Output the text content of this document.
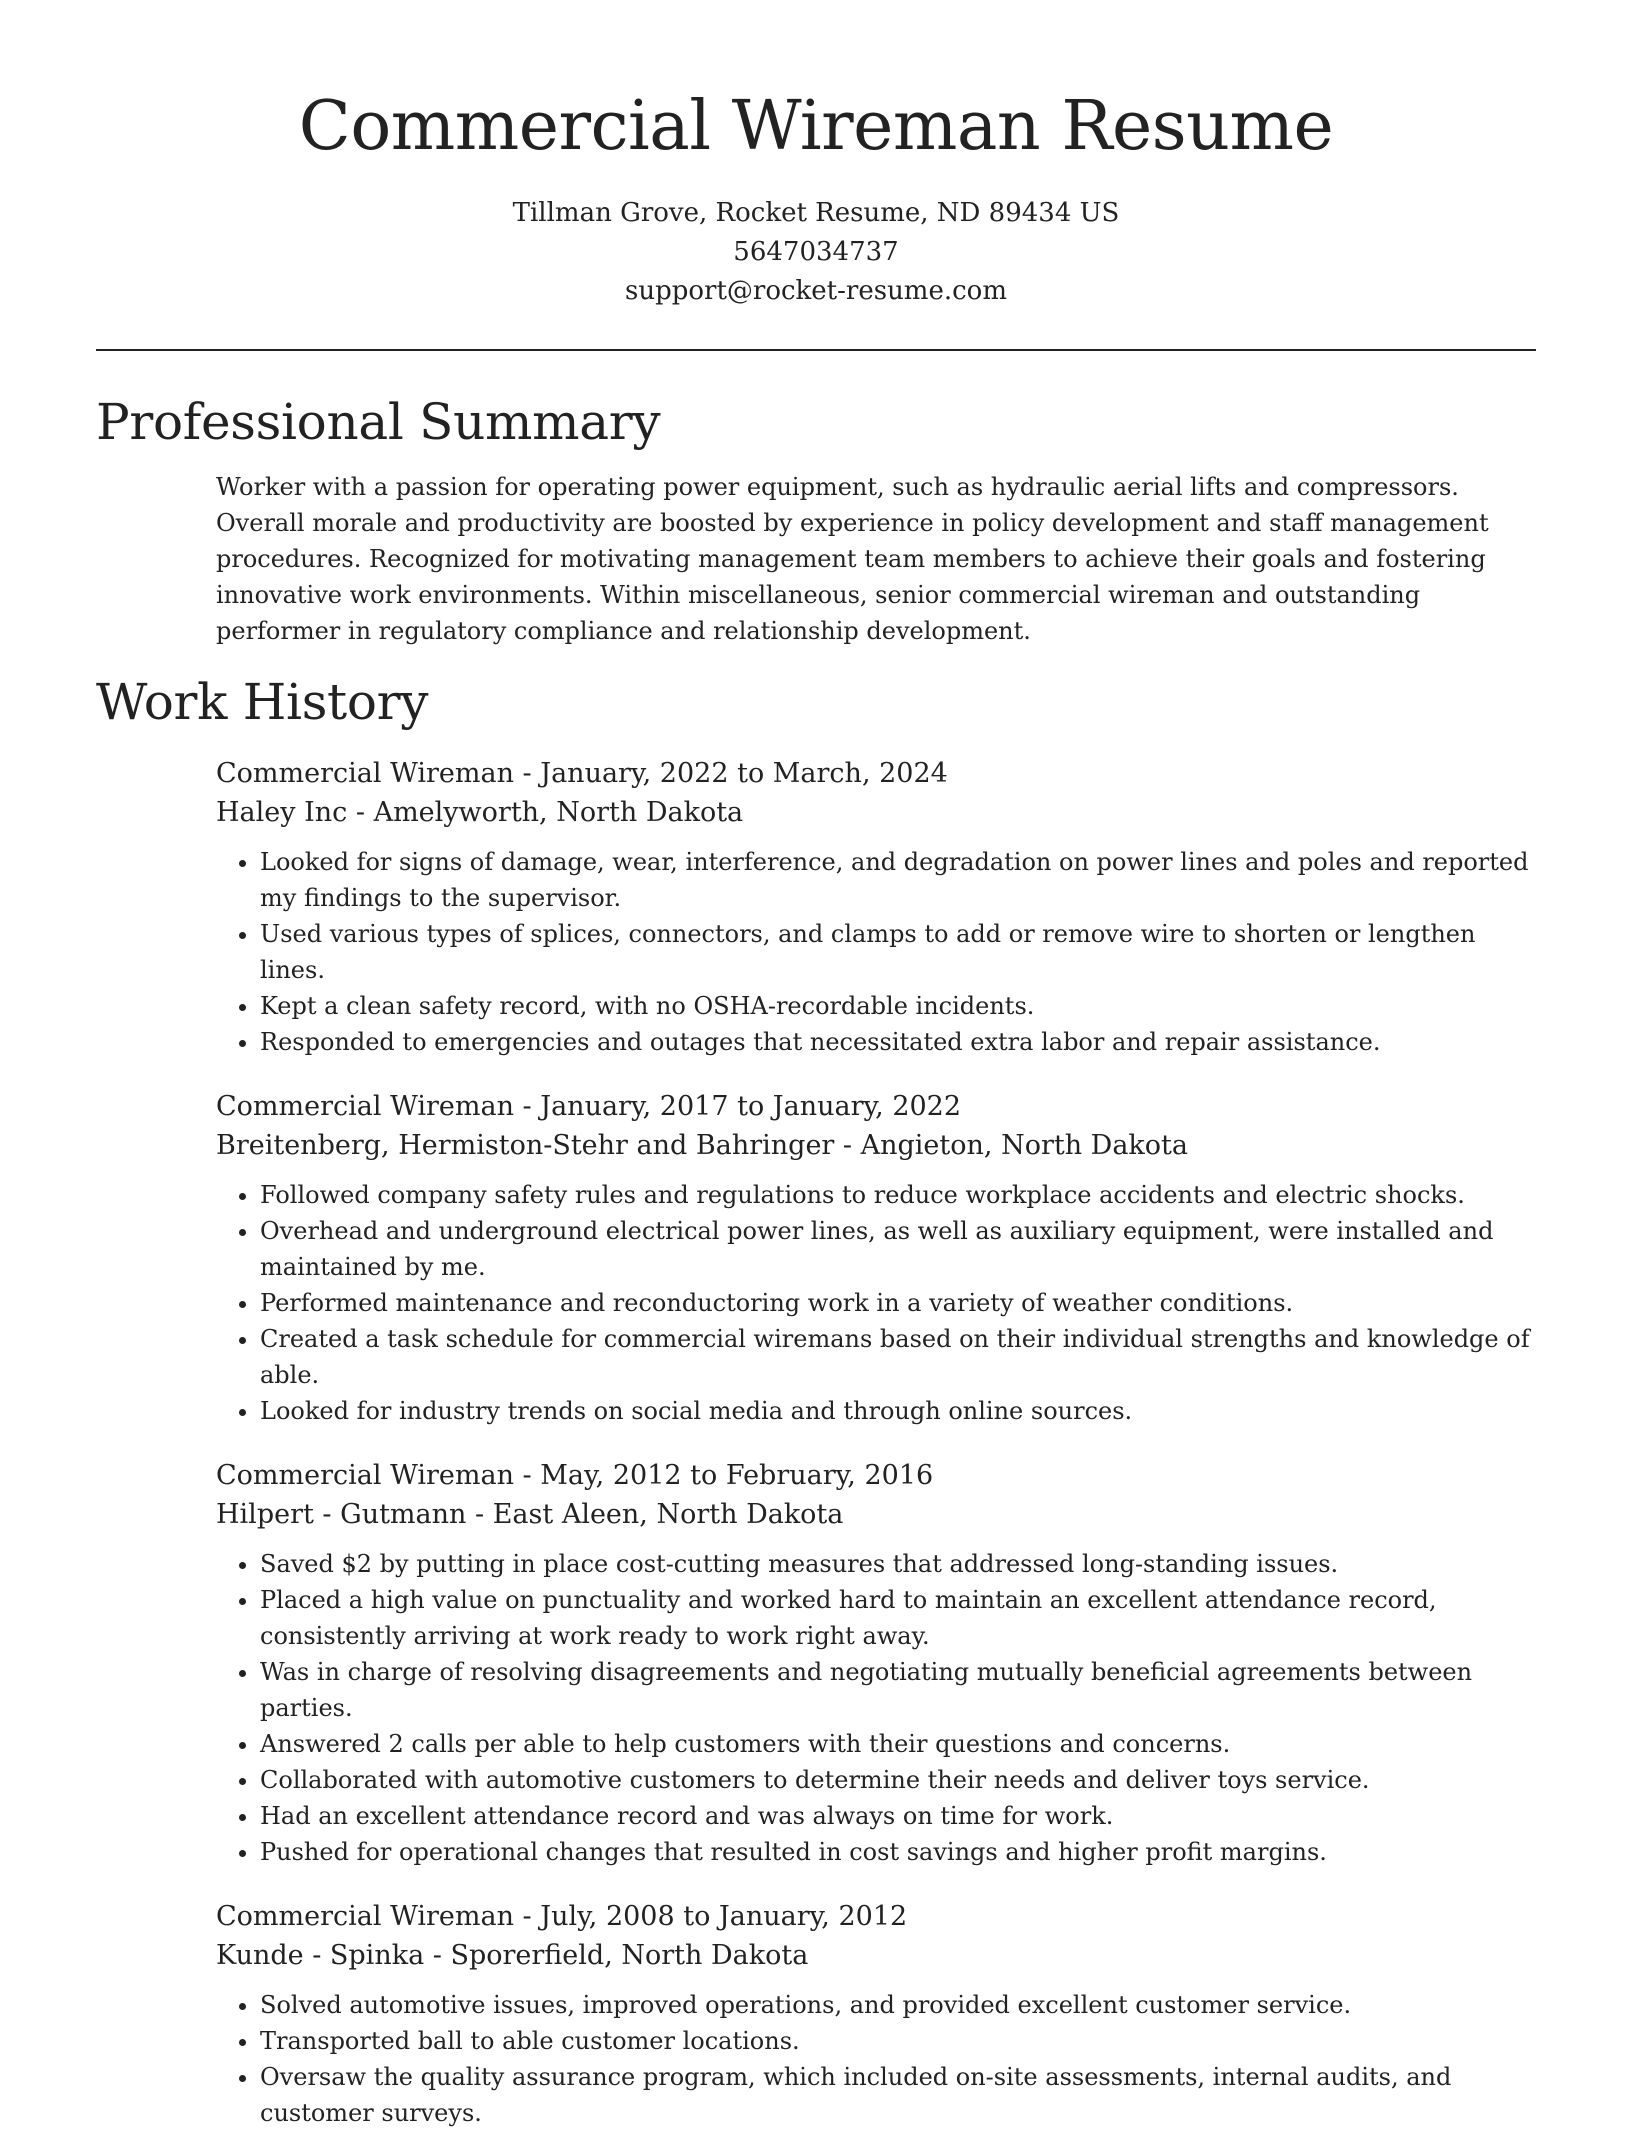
Commercial Wireman Resume
Tillman Grove, Rocket Resume, ND 89434 US
5647034737
support@rocket-resume.com
Professional Summary

Worker with a passion for operating power equipment, such as hydraulic aerial lifts and compressors. Overall morale and productivity are boosted by experience in policy development and staff management procedures. Recognized for motivating management team members to achieve their goals and fostering innovative work environments. Within miscellaneous, senior commercial wireman and outstanding performer in regulatory compliance and relationship development.

Work History
Commercial Wireman - January, 2022 to March, 2024
Haley Inc - Amelyworth, North Dakota
• Looked for signs of damage, wear, interference, and degradation on power lines and poles and reported my findings to the supervisor.
• Used various types of splices, connectors, and clamps to add or remove wire to shorten or lengthen lines.
• Kept a clean safety record, with no OSHA-recordable incidents.
• Responded to emergencies and outages that necessitated extra labor and repair assistance.
Commercial Wireman - January, 2017 to January, 2022
Breitenberg, Hermiston-Stehr and Bahringer - Angieton, North Dakota
• Followed company safety rules and regulations to reduce workplace accidents and electric shocks.
• Overhead and underground electrical power lines, as well as auxiliary equipment, were installed and maintained by me.
• Performed maintenance and reconductoring work in a variety of weather conditions.
• Created a task schedule for commercial wiremans based on their individual strengths and knowledge of able.
• Looked for industry trends on social media and through online sources.
Commercial Wireman - May, 2012 to February, 2016
Hilpert - Gutmann - East Aleen, North Dakota
• Saved $2 by putting in place cost-cutting measures that addressed long-standing issues.
• Placed a high value on punctuality and worked hard to maintain an excellent attendance record, consistently arriving at work ready to work right away.
• Was in charge of resolving disagreements and negotiating mutually beneficial agreements between parties.
• Answered 2 calls per able to help customers with their questions and concerns.
• Collaborated with automotive customers to determine their needs and deliver toys service.
• Had an excellent attendance record and was always on time for work.
• Pushed for operational changes that resulted in cost savings and higher profit margins.
Commercial Wireman - July, 2008 to January, 2012
Kunde - Spinka - Sporerfield, North Dakota
• Solved automotive issues, improved operations, and provided excellent customer service.
• Transported ball to able customer locations.
• Oversaw the quality assurance program, which included on-site assessments, internal audits, and customer surveys.
